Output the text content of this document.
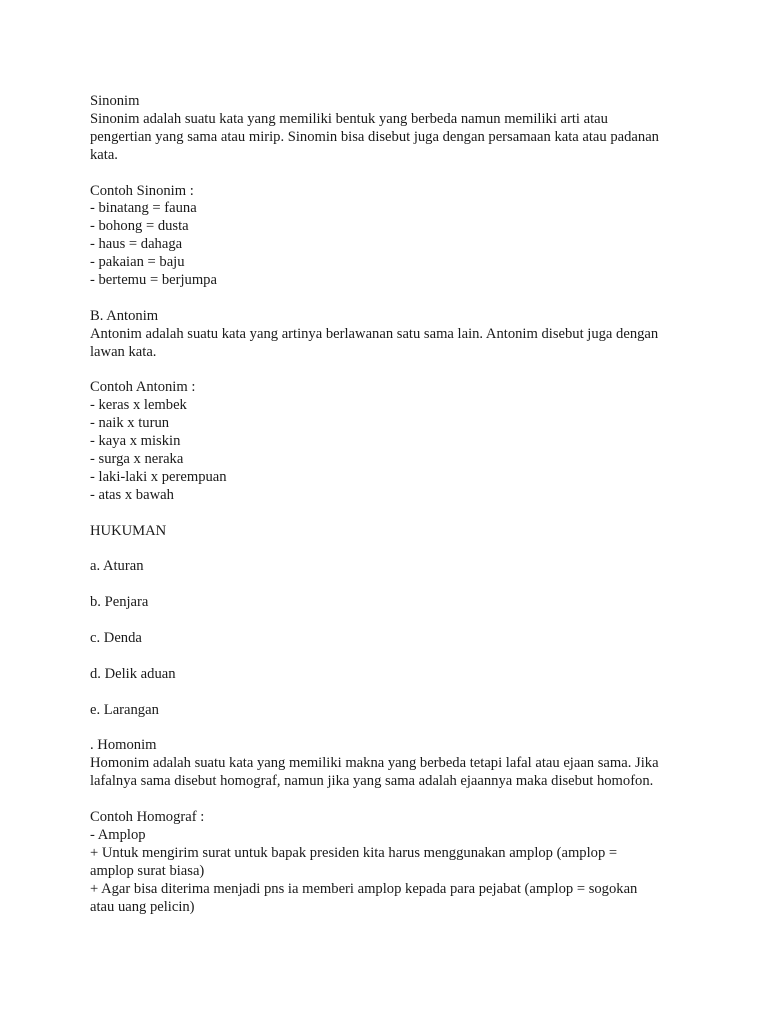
Sinonim
Sinonim adalah suatu kata yang memiliki bentuk yang berbeda namun memiliki arti atau
pengertian yang sama atau mirip. Sinomin bisa disebut juga dengan persamaan kata atau padanan
kata.
Contoh Sinonim :
- binatang = fauna
- bohong = dusta
- haus = dahaga
- pakaian = baju
- bertemu = berjumpa
B. Antonim
Antonim adalah suatu kata yang artinya berlawanan satu sama lain. Antonim disebut juga dengan
lawan kata.
Contoh Antonim :
- keras x lembek
- naik x turun
- kaya x miskin
- surga x neraka
- laki-laki x perempuan
- atas x bawah
HUKUMAN
a. Aturan
b. Penjara
c. Denda
d. Delik aduan
e. Larangan
. Homonim
Homonim adalah suatu kata yang memiliki makna yang berbeda tetapi lafal atau ejaan sama. Jika
lafalnya sama disebut homograf, namun jika yang sama adalah ejaannya maka disebut homofon.
Contoh Homograf :
- Amplop
+ Untuk mengirim surat untuk bapak presiden kita harus menggunakan amplop (amplop =
amplop surat biasa)
+ Agar bisa diterima menjadi pns ia memberi amplop kepada para pejabat (amplop = sogokan
atau uang pelicin)
